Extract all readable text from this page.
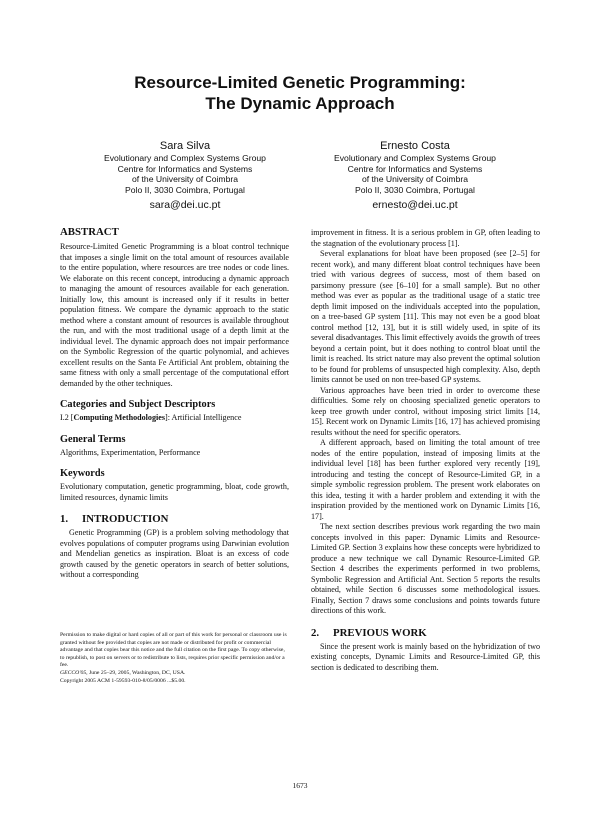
Resource-Limited Genetic Programming:
The Dynamic Approach
Sara Silva
Evolutionary and Complex Systems Group
Centre for Informatics and Systems
of the University of Coimbra
Polo II, 3030 Coimbra, Portugal
sara@dei.uc.pt
Ernesto Costa
Evolutionary and Complex Systems Group
Centre for Informatics and Systems
of the University of Coimbra
Polo II, 3030 Coimbra, Portugal
ernesto@dei.uc.pt
ABSTRACT

Resource-Limited Genetic Programming is a bloat control technique that imposes a single limit on the total amount of resources available to the entire population, where resources are tree nodes or code lines. We elaborate on this recent concept, introducing a dynamic approach to managing the amount of resources available for each generation. Initially low, this amount is increased only if it results in better population fitness. We compare the dynamic approach to the static method where a constant amount of resources is available throughout the run, and with the most traditional usage of a depth limit at the individual level. The dynamic approach does not impair performance on the Symbolic Regression of the quartic polynomial, and achieves excellent results on the Santa Fe Artificial Ant problem, obtaining the same fitness with only a small percentage of the computational effort demanded by the other techniques.

Categories and Subject Descriptors

I.2 [Computing Methodologies]: Artificial Intelligence

General Terms

Algorithms, Experimentation, Performance

Keywords

Evolutionary computation, genetic programming, bloat, code growth, limited resources, dynamic limits

1. INTRODUCTION

Genetic Programming (GP) is a problem solving methodology that evolves populations of computer programs using Darwinian evolution and Mendelian genetics as inspiration. Bloat is an excess of code growth caused by the genetic operators in search of better solutions, without a corresponding

Permission to make digital or hard copies of all or part of this work for personal or classroom use is granted without fee provided that copies are not made or distributed for profit or commercial advantage and that copies bear this notice and the full citation on the first page. To copy otherwise, to republish, to post on servers or to redistribute to lists, requires prior specific permission and/or a fee.
GECCO'05, June 25–29, 2005, Washington, DC, USA.
Copyright 2005 ACM 1-59593-010-8/05/0006 ...$5.00.

improvement in fitness. It is a serious problem in GP, often leading to the stagnation of the evolutionary process [1].

Several explanations for bloat have been proposed (see [2–5] for recent work), and many different bloat control techniques have been tried with various degrees of success, most of them based on parsimony pressure (see [6–10] for a small sample). But no other method was ever as popular as the traditional usage of a static tree depth limit imposed on the individuals accepted into the population, on a tree-based GP system [11]. This may not even be a good bloat control method [12, 13], but it is still widely used, in spite of its several disadvantages. This limit effectively avoids the growth of trees beyond a certain point, but it does nothing to control bloat until the limit is reached. Its strict nature may also prevent the optimal solution to be found for problems of unsuspected high complexity. Also, depth limits cannot be used on non tree-based GP systems.

Various approaches have been tried in order to overcome these difficulties. Some rely on choosing specialized genetic operators to keep tree growth under control, without imposing strict limits [14, 15]. Recent work on Dynamic Limits [16, 17] has achieved promising results without the need for specific operators.

A different approach, based on limiting the total amount of tree nodes of the entire population, instead of imposing limits at the individual level [18] has been further explored very recently [19], introducing and testing the concept of Resource-Limited GP, in a simple symbolic regression problem. The present work elaborates on this idea, testing it with a harder problem and extending it with the inspiration provided by the mentioned work on Dynamic Limits [16, 17].

The next section describes previous work regarding the two main concepts involved in this paper: Dynamic Limits and Resource-Limited GP. Section 3 explains how these concepts were hybridized to produce a new technique we call Dynamic Resource-Limited GP. Section 4 describes the experiments performed in two problems, Symbolic Regression and Artificial Ant. Section 5 reports the results obtained, while Section 6 discusses some methodological issues. Finally, Section 7 draws some conclusions and points towards future directions of this work.

2. PREVIOUS WORK

Since the present work is mainly based on the hybridization of two existing concepts, Dynamic Limits and Resource-Limited GP, this section is dedicated to describing them.

1673
